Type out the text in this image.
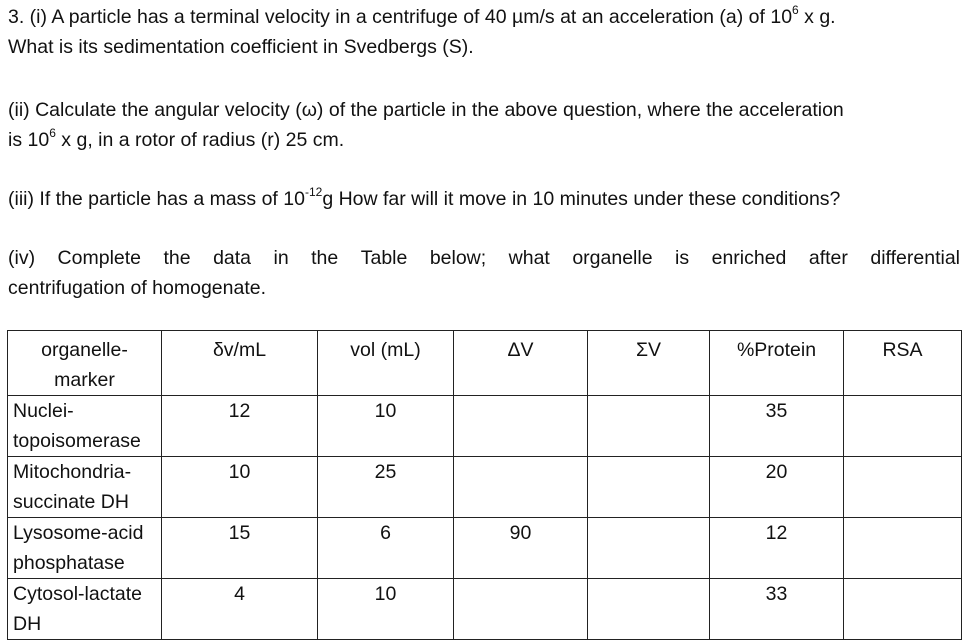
3. (i) A particle has a terminal velocity in a centrifuge of 40 µm/s at an acceleration (a) of $10^6$ x g.
What is its sedimentation coefficient in Svedbergs (S).

(ii) Calculate the angular velocity (ω) of the particle in the above question, where the acceleration
is $10^6$ x g, in a rotor of radius (r) 25 cm.

(iii) If the particle has a mass of $10^{-12}g$ How far will it move in 10 minutes under these conditions?

(iv) Complete the data in the Table below; what organelle is enriched after differential
centrifugation of homogenate.
organelle-
marker	δv/mL	vol (mL)	ΔV	ΣV	%Protein	RSA
Nuclei-
topoisomerase	12	10			35	
Mitochondria-
succinate DH	10	25			20	
Lysosome-acid
phosphatase	15	6	90		12	
Cytosol-lactate
DH	4	10			33	
